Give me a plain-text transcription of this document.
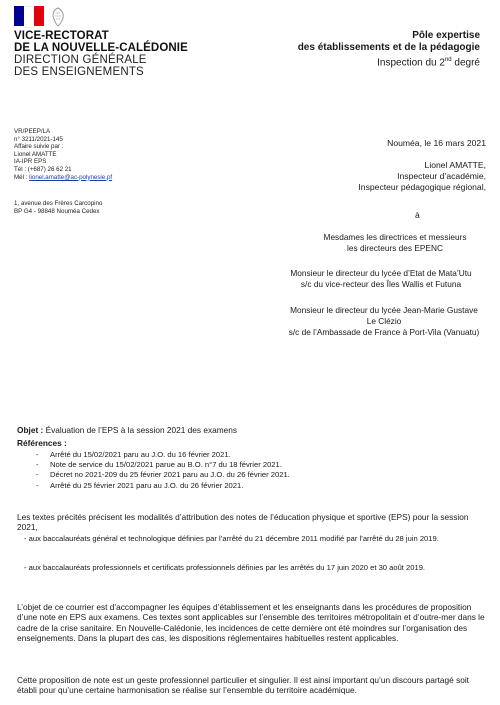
VICE-RECTORAT
DE LA NOUVELLE-CALÉDONIE
DIRECTION GÉNÉRALE
DES ENSEIGNEMENTS
Pôle expertise
des établissements et de la pédagogie
Inspection du 2nd degré
VR/PEEP/LA
n° 3211/2021-145
Affaire suivie par :
Lionel AMATTE
IA-IPR EPS
Tél : (+687) 26 62 21
Mél : lionel.amatte@ac-polynesie.pf
1, avenue des Frères Carcopino
BP G4 - 98848 Nouméa Cedex
Nouméa, le 16 mars 2021
Lionel AMATTE,
Inspecteur d’académie,
Inspecteur pédagogique régional,
à
Mesdames les directrices et messieurs
les directeurs des EPENC
Monsieur le directeur du lycée d’Etat de Mata’Utu
s/c du vice-recteur des Îles Wallis et Futuna
Monsieur le directeur du lycée Jean-Marie Gustave
Le Clézio
s/c de l’Ambassade de France à Port-Vila (Vanuatu)
Objet : Évaluation de l’EPS à la session 2021 des examens
Références :
- Arrêté du 15/02/2021 paru au J.O. du 16 février 2021.
- Note de service du 15/02/2021 parue au B.O. n°7 du 18 février 2021.
- Décret no 2021-209 du 25 février 2021 paru au J.O. du 26 février 2021.
- Arrêté du 25 février 2021 paru au J.O. du 26 février 2021.

Les textes précités précisent les modalités d’attribution des notes de l’éducation physique et sportive (EPS) pour la session 2021,

- aux baccalauréats général et technologique définies par l’arrêté du 21 décembre 2011 modifié par l’arrêté du 28 juin 2019.

- aux baccalauréats professionnels et certificats professionnels définies par les arrêtés du 17 juin 2020 et 30 août 2019.

L’objet de ce courrier est d’accompagner les équipes d’établissement et les enseignants dans les procédures de proposition d’une note en EPS aux examens. Ces textes sont applicables sur l’ensemble des territoires métropolitain et d’outre-mer dans le cadre de la crise sanitaire. En Nouvelle-Calédonie, les incidences de cette dernière ont été moindres sur l’organisation des enseignements. Dans la plupart des cas, les dispositions réglementaires habituelles restent applicables.

Cette proposition de note est un geste professionnel particulier et singulier. Il est ainsi important qu’un discours partagé soit établi pour qu’une certaine harmonisation se réalise sur l’ensemble du territoire académique.
